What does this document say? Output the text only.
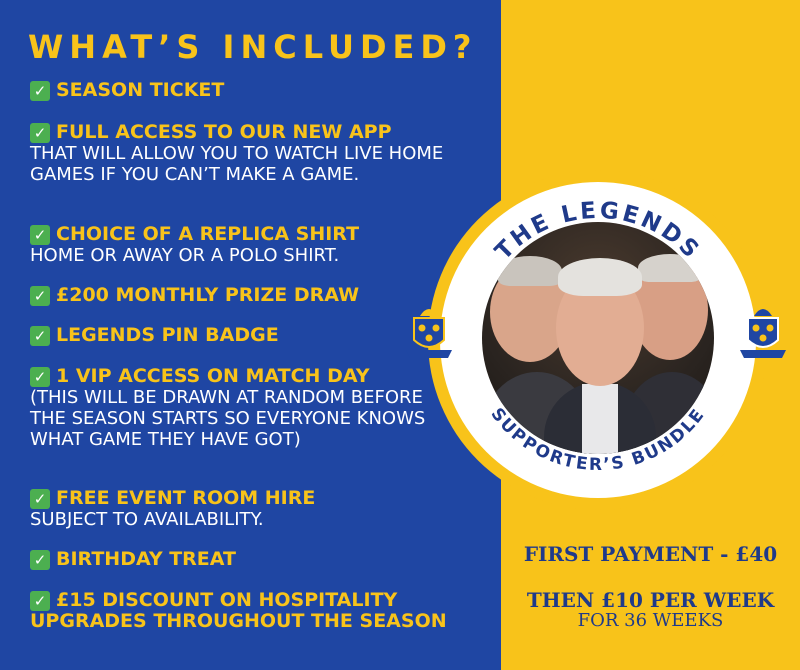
WHAT’S INCLUDED?
✓ SEASON TICKET
✓ FULL ACCESS TO OUR NEW APP
THAT WILL ALLOW YOU TO WATCH LIVE HOME GAMES IF YOU CAN’T MAKE A GAME.
✓ CHOICE OF A REPLICA SHIRT
HOME OR AWAY OR A POLO SHIRT.
✓ £200 MONTHLY PRIZE DRAW
✓ LEGENDS PIN BADGE
✓ 1 VIP ACCESS ON MATCH DAY
(THIS WILL BE DRAWN AT RANDOM BEFORE THE SEASON STARTS SO EVERYONE KNOWS WHAT GAME THEY HAVE GOT)
✓ FREE EVENT ROOM HIRE
SUBJECT TO AVAILABILITY.
✓ BIRTHDAY TREAT
✓ £15 DISCOUNT ON HOSPITALITY UPGRADES THROUGHOUT THE SEASON
THE LEGENDS
SUPPORTER’S BUNDLE
FIRST PAYMENT - £40
THEN £10 PER WEEK
FOR 36 WEEKS
